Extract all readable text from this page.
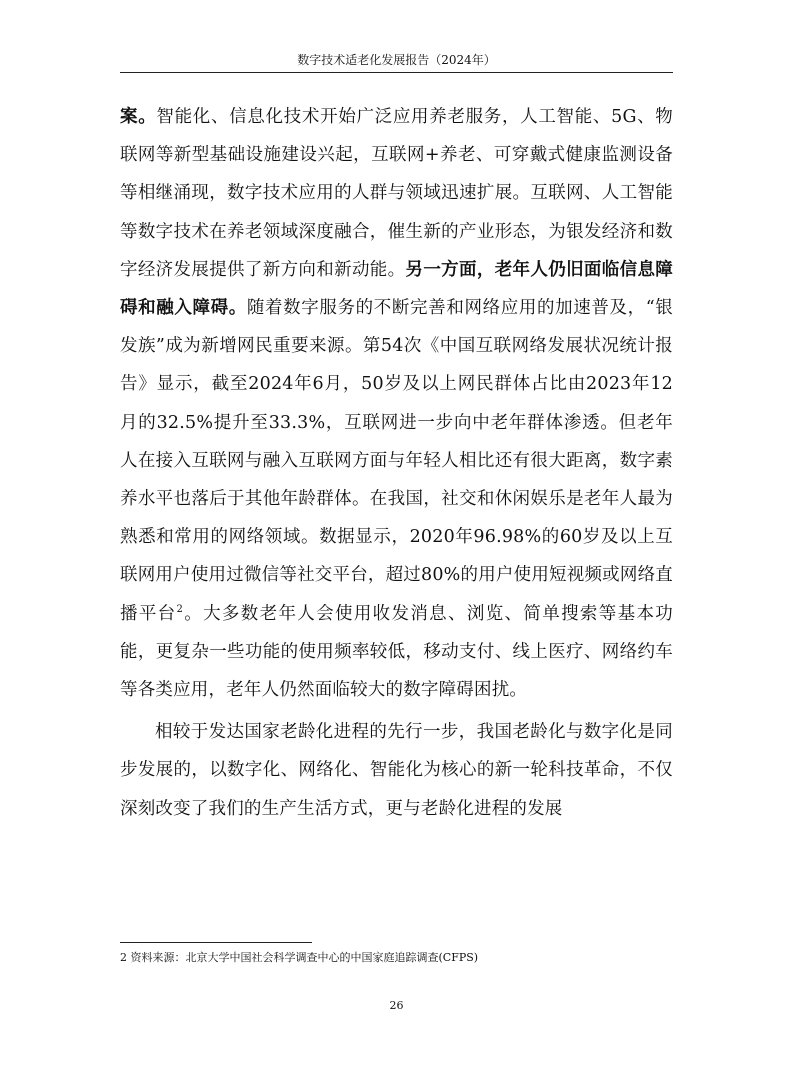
数字技术适老化发展报告（2024年）

案。智能化、信息化技术开始广泛应用养老服务，人工智能、5G、物联网等新型基础设施建设兴起，互联网+养老、可穿戴式健康监测设备等相继涌现，数字技术应用的人群与领域迅速扩展。互联网、人工智能等数字技术在养老领域深度融合，催生新的产业形态，为银发经济和数字经济发展提供了新方向和新动能。另一方面，老年人仍旧面临信息障碍和融入障碍。随着数字服务的不断完善和网络应用的加速普及，“银发族”成为新增网民重要来源。第54次《中国互联网络发展状况统计报告》显示，截至2024年6月，50岁及以上网民群体占比由2023年12月的32.5%提升至33.3%，互联网进一步向中老年群体渗透。但老年人在接入互联网与融入互联网方面与年轻人相比还有很大距离，数字素养水平也落后于其他年龄群体。在我国，社交和休闲娱乐是老年人最为熟悉和常用的网络领域。数据显示，2020年96.98%的60岁及以上互联网用户使用过微信等社交平台，超过80%的用户使用短视频或网络直播平台$^2$。大多数老年人会使用收发消息、浏览、简单搜索等基本功能，更复杂一些功能的使用频率较低，移动支付、线上医疗、网络约车等各类应用，老年人仍然面临较大的数字障碍困扰。

相较于发达国家老龄化进程的先行一步，我国老龄化与数字化是同步发展的，以数字化、网络化、智能化为核心的新一轮科技革命，不仅深刻改变了我们的生产生活方式，更与老龄化进程的发展

2 资料来源：北京大学中国社会科学调查中心的中国家庭追踪调查(CFPS)
26
